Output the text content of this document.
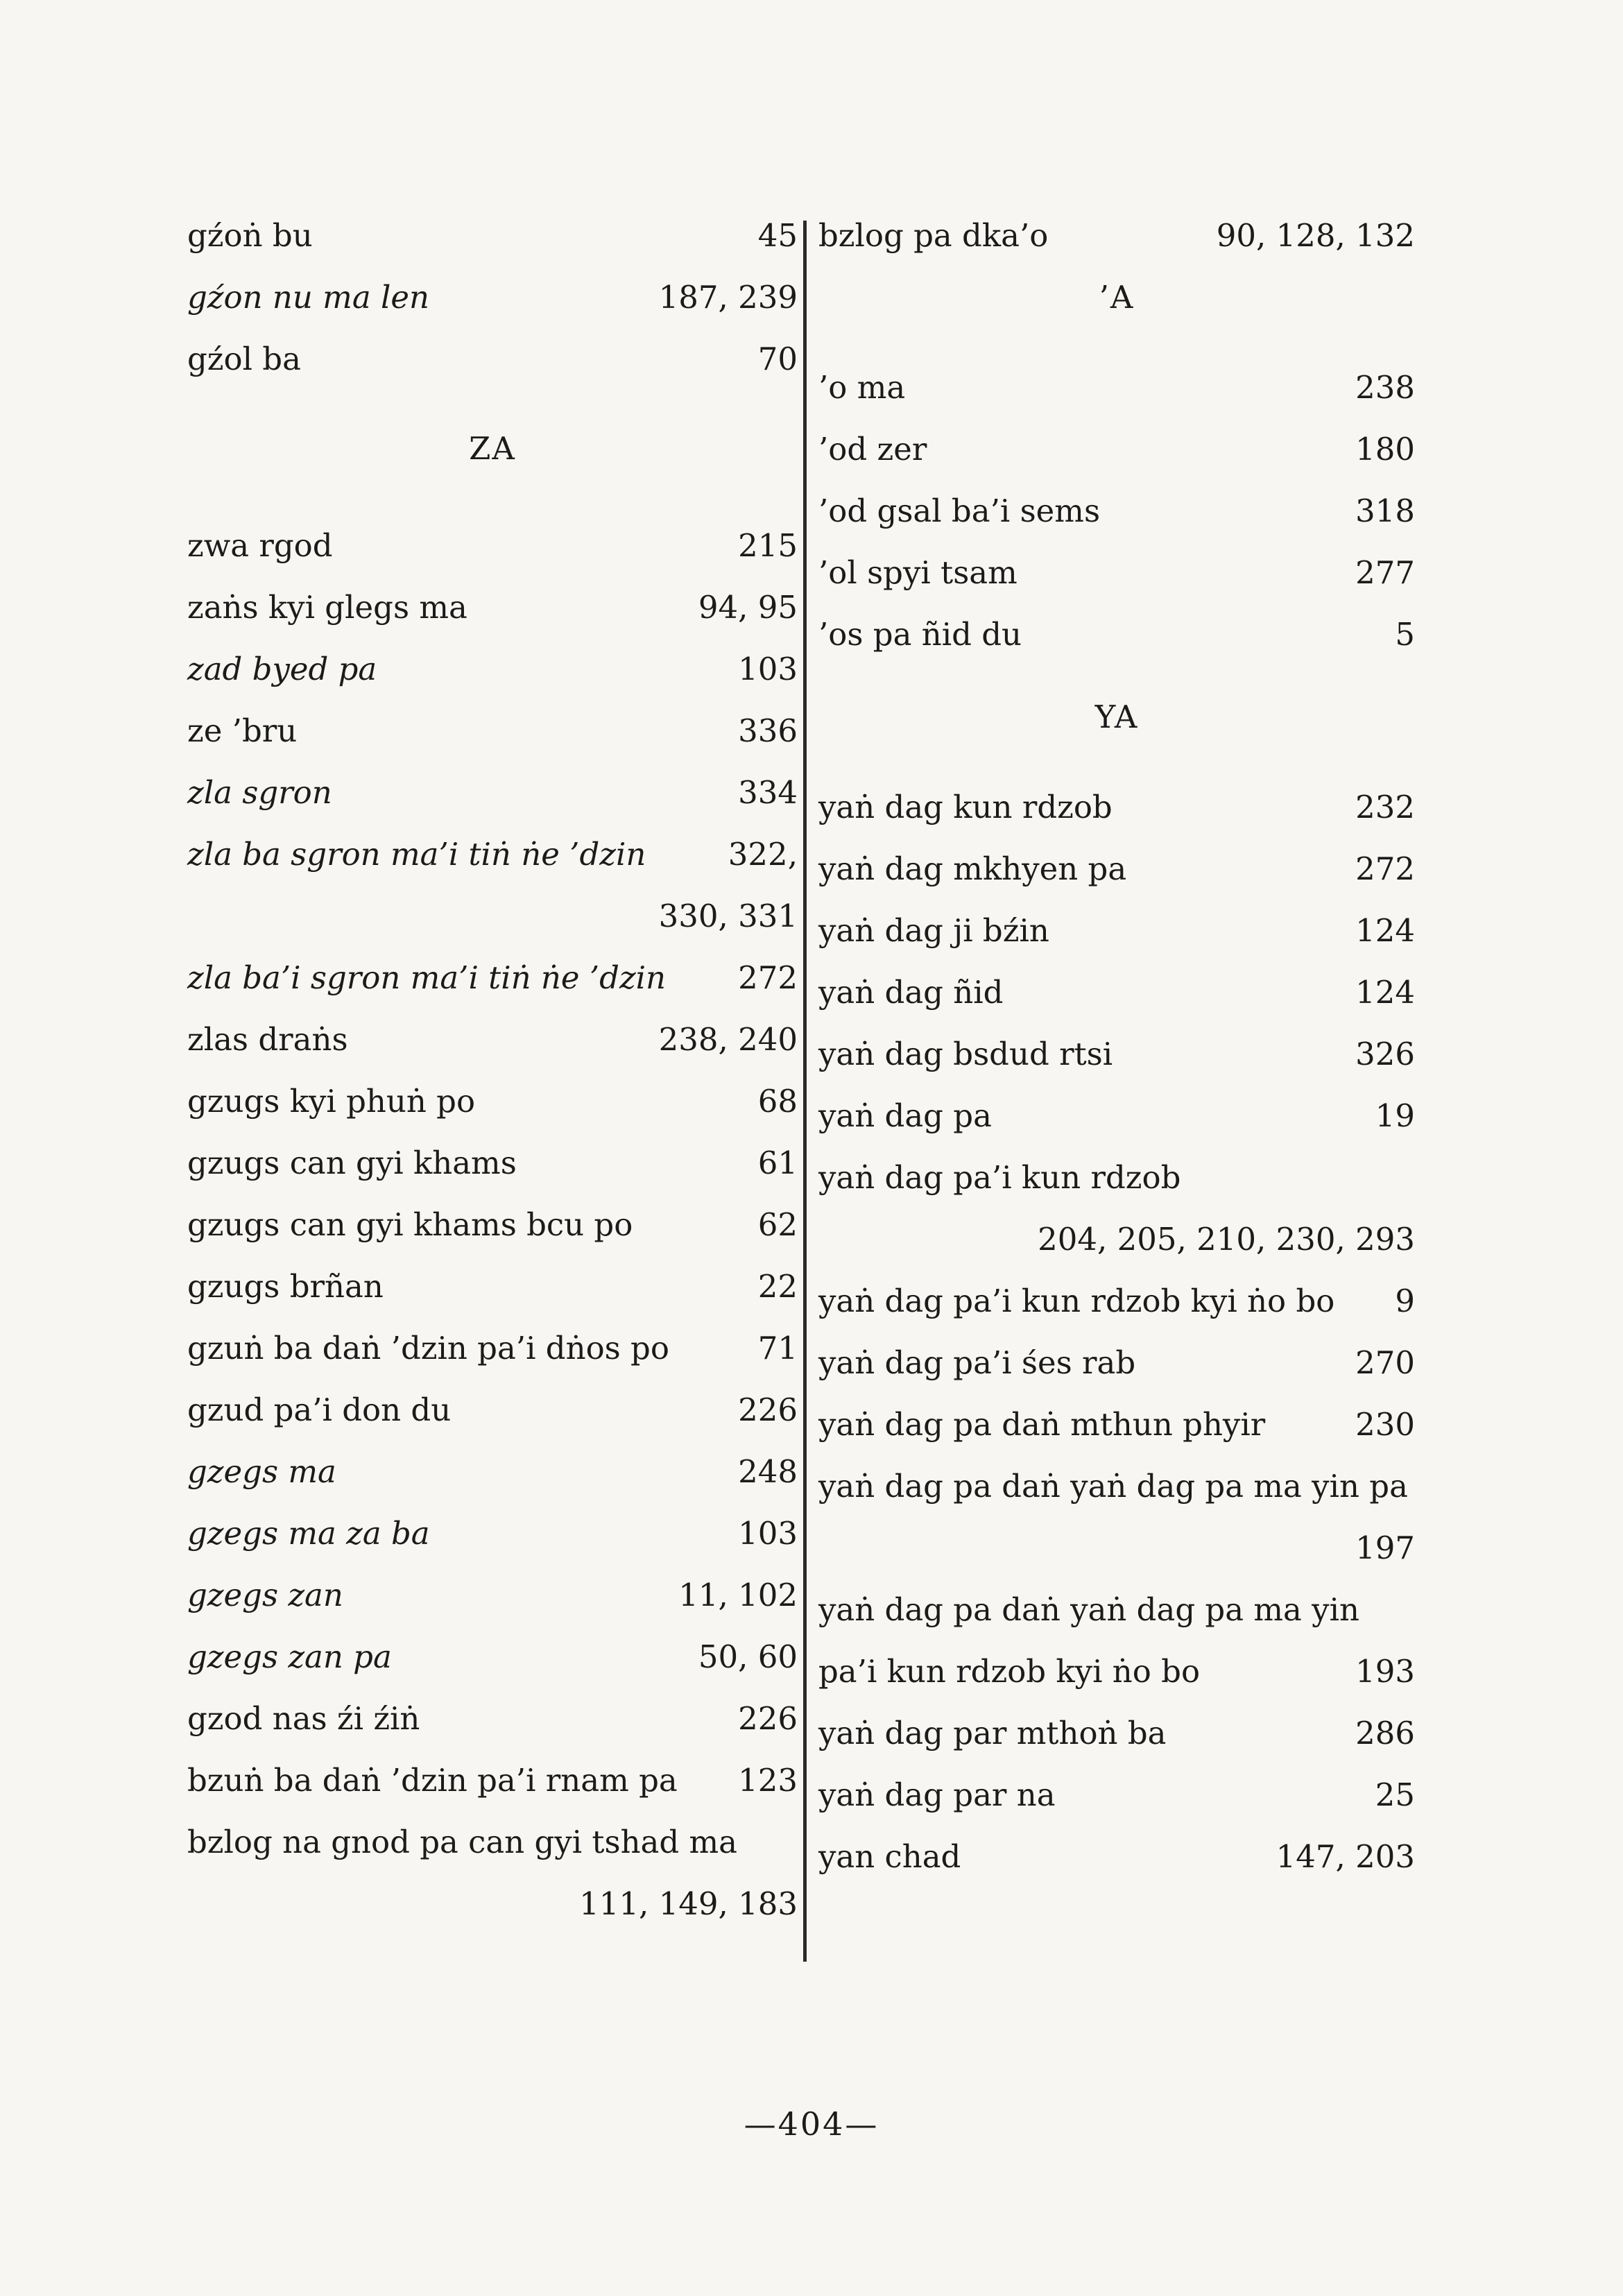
gźoṅ bu	45
gźon nu ma len	187, 239
gźol ba	70
ZA
zwa rgod	215
zaṅs kyi glegs ma	94, 95
zad byed pa	103
ze ’bru	336
zla sgron	334
zla ba sgron ma’i tiṅ ṅe ’dzin	322,
330, 331
zla ba’i sgron ma’i tiṅ ṅe ’dzin 272
zlas draṅs	238, 240
gzugs kyi phuṅ po	68
gzugs can gyi khams	61
gzugs can gyi khams bcu po	62
gzugs brñan	22
gzuṅ ba daṅ ’dzin pa’i dṅos po	71
gzud pa’i don du	226
gzegs ma	248
gzegs ma za ba	103
gzegs zan	11, 102
gzegs zan pa	50, 60
gzod nas źi źiṅ	226
bzuṅ ba daṅ ’dzin pa’i rnam pa 123
bzlog na gnod pa can gyi tshad ma
111, 149, 183
bzlog pa dka’o	90, 128, 132
’A
’o ma	238
’od zer	180
’od gsal ba’i sems	318
’ol spyi tsam	277
’os pa ñid du	5
YA
yaṅ dag kun rdzob	232
yaṅ dag mkhyen pa	272
yaṅ dag ji bźin	124
yaṅ dag ñid	124
yaṅ dag bsdud rtsi	326
yaṅ dag pa	19
yaṅ dag pa’i kun rdzob
204, 205, 210, 230, 293
yaṅ dag pa’i kun rdzob kyi ṅo bo 9
yaṅ dag pa’i śes rab	270
yaṅ dag pa daṅ mthun phyir	230
yaṅ dag pa daṅ yaṅ dag pa ma yin pa
197
yaṅ dag pa daṅ yaṅ dag pa ma yin
pa’i kun rdzob kyi ṅo bo	193
yaṅ dag par mthoṅ ba	286
yaṅ dag par na	25
yan chad	147, 203
—404—
